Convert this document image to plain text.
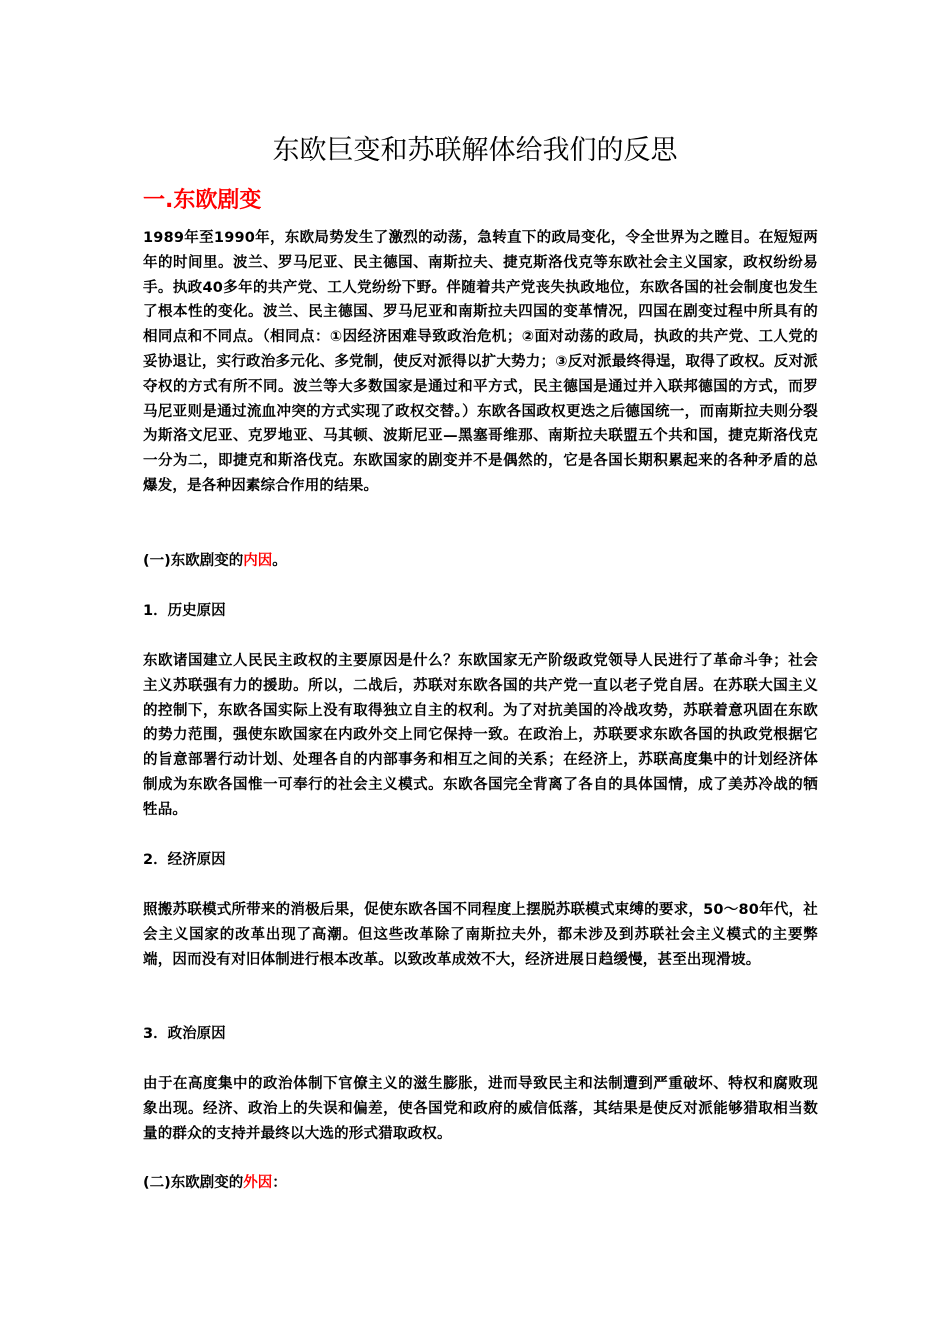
东欧巨变和苏联解体给我们的反思
一.东欧剧变

1989年至1990年，东欧局势发生了激烈的动荡，急转直下的政局变化，令全世界为之瞠目。在短短两年的时间里。波兰、罗马尼亚、民主德国、南斯拉夫、捷克斯洛伐克等东欧社会主义国家，政权纷纷易手。执政40多年的共产党、工人党纷纷下野。伴随着共产党丧失执政地位，东欧各国的社会制度也发生了根本性的变化。波兰、民主德国、罗马尼亚和南斯拉夫四国的变革情况，四国在剧变过程中所具有的相同点和不同点。（相同点：①因经济困难导致政治危机；②面对动荡的政局，执政的共产党、工人党的妥协退让，实行政治多元化、多党制，使反对派得以扩大势力；③反对派最终得逞，取得了政权。反对派夺权的方式有所不同。波兰等大多数国家是通过和平方式，民主德国是通过并入联邦德国的方式，而罗马尼亚则是通过流血冲突的方式实现了政权交替。）东欧各国政权更迭之后德国统一，而南斯拉夫则分裂为斯洛文尼亚、克罗地亚、马其顿、波斯尼亚—黑塞哥维那、南斯拉夫联盟五个共和国，捷克斯洛伐克一分为二，即捷克和斯洛伐克。东欧国家的剧变并不是偶然的，它是各国长期积累起来的各种矛盾的总爆发，是各种因素综合作用的结果。

(一)东欧剧变的内因。

1．历史原因

东欧诸国建立人民民主政权的主要原因是什么？东欧国家无产阶级政党领导人民进行了革命斗争；社会主义苏联强有力的援助。所以，二战后，苏联对东欧各国的共产党一直以老子党自居。在苏联大国主义的控制下，东欧各国实际上没有取得独立自主的权利。为了对抗美国的冷战攻势，苏联着意巩固在东欧的势力范围，强使东欧国家在内政外交上同它保持一致。在政治上，苏联要求东欧各国的执政党根据它的旨意部署行动计划、处理各自的内部事务和相互之间的关系；在经济上，苏联高度集中的计划经济体制成为东欧各国惟一可奉行的社会主义模式。东欧各国完全背离了各自的具体国情，成了美苏冷战的牺牲品。

2．经济原因

照搬苏联模式所带来的消极后果，促使东欧各国不同程度上摆脱苏联模式束缚的要求，50～80年代，社会主义国家的改革出现了高潮。但这些改革除了南斯拉夫外，都未涉及到苏联社会主义模式的主要弊端，因而没有对旧体制进行根本改革。以致改革成效不大，经济进展日趋缓慢，甚至出现滑坡。

3．政治原因

由于在高度集中的政治体制下官僚主义的滋生膨胀，进而导致民主和法制遭到严重破坏、特权和腐败现象出现。经济、政治上的失误和偏差，使各国党和政府的威信低落，其结果是使反对派能够猎取相当数量的群众的支持并最终以大选的形式猎取政权。

(二)东欧剧变的外因：
